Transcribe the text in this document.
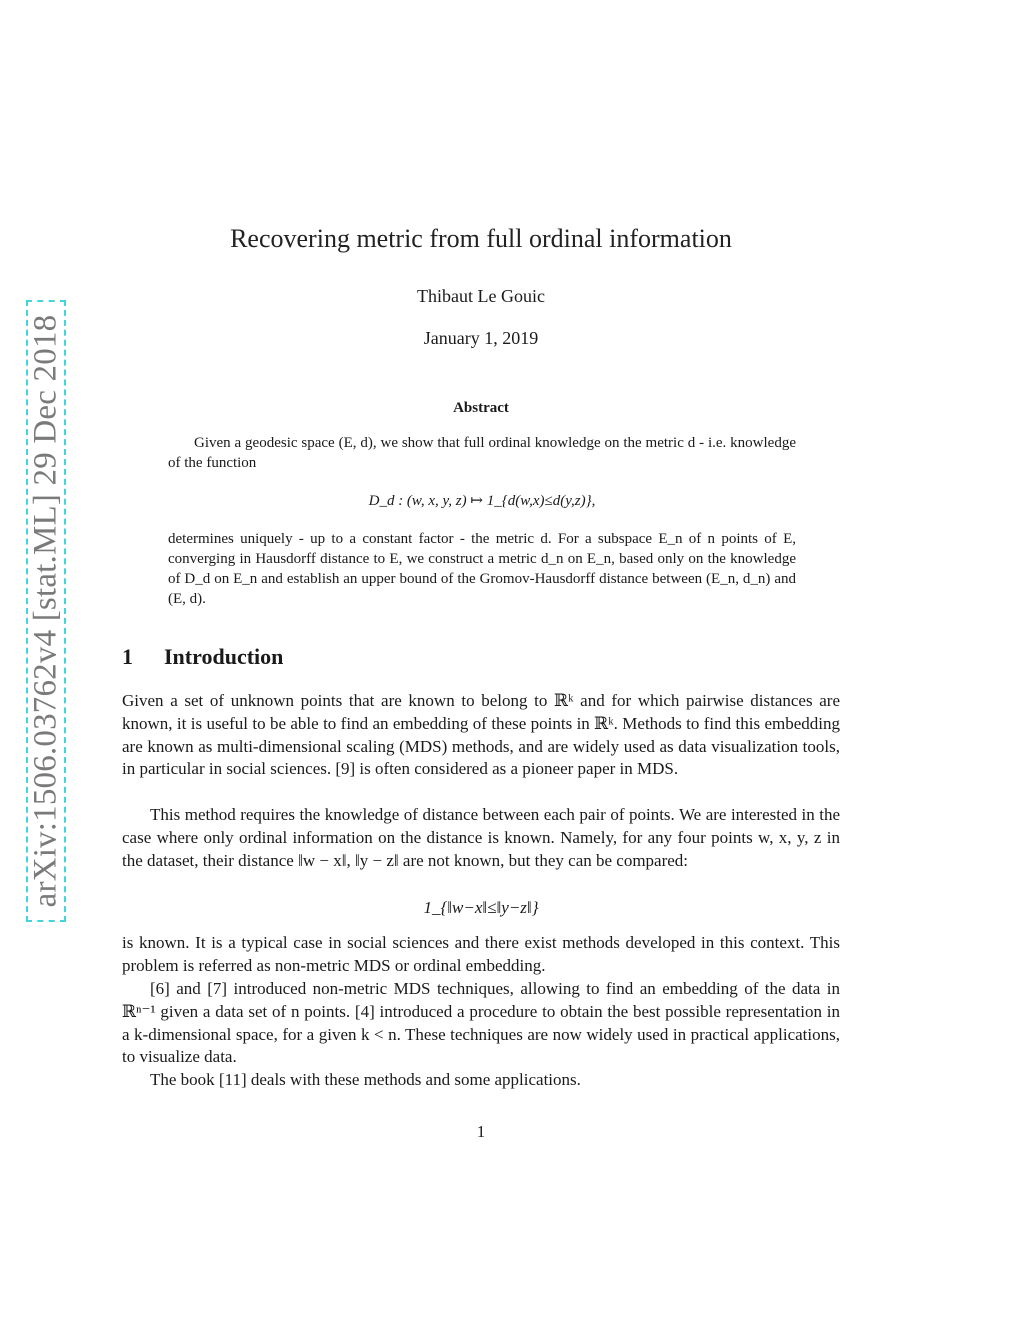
arXiv:1506.03762v4 [stat.ML] 29 Dec 2018
Recovering metric from full ordinal information
Thibaut Le Gouic
January 1, 2019
Abstract
Given a geodesic space (E, d), we show that full ordinal knowledge on the metric d - i.e. knowledge of the function
D_d : (w, x, y, z) ↦ 1_{d(w,x)≤d(y,z)},
determines uniquely - up to a constant factor - the metric d. For a subspace E_n of n points of E, converging in Hausdorff distance to E, we construct a metric d_n on E_n, based only on the knowledge of D_d on E_n and establish an upper bound of the Gromov-Hausdorff distance between (E_n, d_n) and (E, d).
1 Introduction
Given a set of unknown points that are known to belong to ℝᵏ and for which pairwise distances are known, it is useful to be able to find an embedding of these points in ℝᵏ. Methods to find this embedding are known as multi-dimensional scaling (MDS) methods, and are widely used as data visualization tools, in particular in social sciences. [9] is often considered as a pioneer paper in MDS.
This method requires the knowledge of distance between each pair of points. We are interested in the case where only ordinal information on the distance is known. Namely, for any four points w, x, y, z in the dataset, their distance ‖w − x‖, ‖y − z‖ are not known, but they can be compared:
1_{‖w−x‖≤‖y−z‖}
is known. It is a typical case in social sciences and there exist methods developed in this context. This problem is referred as non-metric MDS or ordinal embedding.
[6] and [7] introduced non-metric MDS techniques, allowing to find an embedding of the data in ℝⁿ⁻¹ given a data set of n points. [4] introduced a procedure to obtain the best possible representation in a k-dimensional space, for a given k < n. These techniques are now widely used in practical applications, to visualize data.
The book [11] deals with these methods and some applications.
1
